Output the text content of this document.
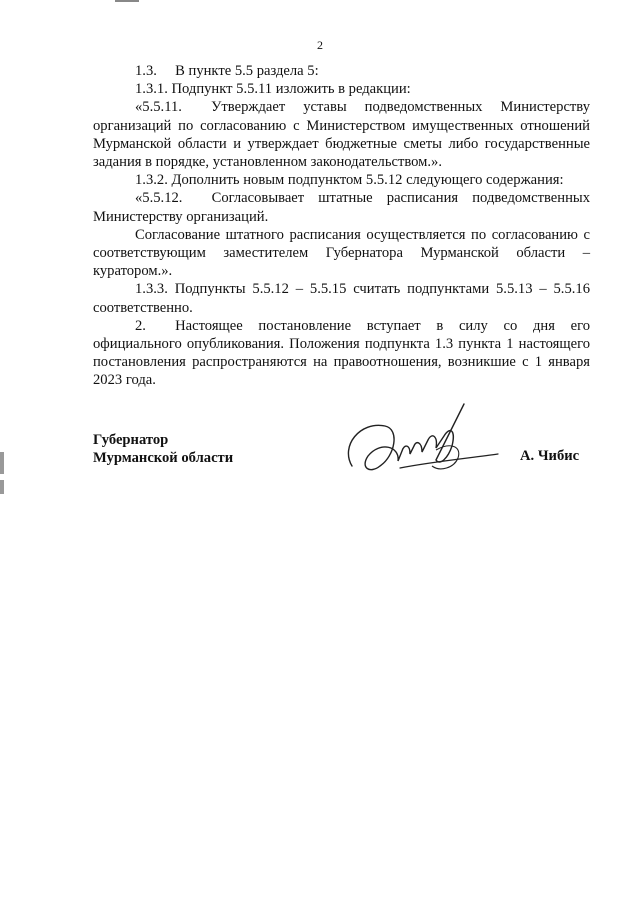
2

1.3.  В пункте 5.5 раздела 5:

1.3.1. Подпункт 5.5.11 изложить в редакции:

«5.5.11.  Утверждает уставы подведомственных Министерству организаций по согласованию с Министерством имущественных отношений Мурманской области и утверждает бюджетные сметы либо государственные задания в порядке, установленном законодательством.».

1.3.2. Дополнить новым подпунктом 5.5.12 следующего содержания:

«5.5.12.  Согласовывает штатные расписания подведомственных Министерству организаций.

Согласование штатного расписания осуществляется по согласованию с соответствующим заместителем Губернатора Мурманской области – куратором.».

1.3.3. Подпункты 5.5.12 – 5.5.15 считать подпунктами 5.5.13 – 5.5.16 соответственно.

2.  Настоящее постановление вступает в силу со дня его официального опубликования. Положения подпункта 1.3 пункта 1 настоящего постановления распространяются на правоотношения, возникшие с 1 января 2023 года.

Губернатор
Мурманской области	А. Чибис
